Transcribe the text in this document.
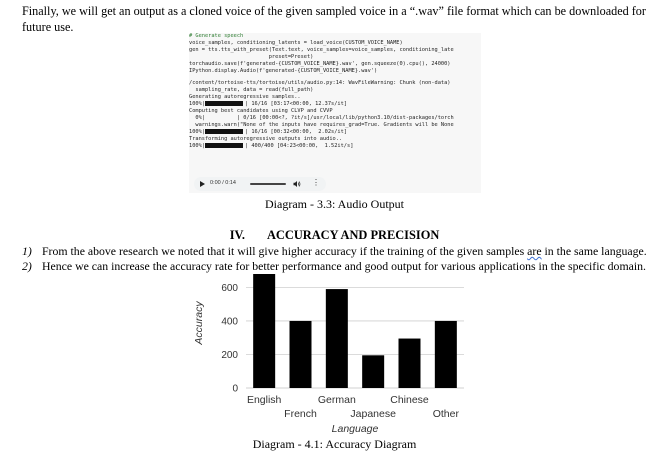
Finally, we will get an output as a cloned voice of the given sampled voice in a “.wav” file format which can be downloaded for future use.
# Generate speech
voice_samples, conditioning_latents = load_voice(CUSTOM_VOICE_NAME)
gen = tts.tts_with_preset(Text.text, voice_samples=voice_samples, conditioning_late
preset=Preset)
torchaudio.save(f'generated-{CUSTOM_VOICE_NAME}.wav', gen.squeeze(0).cpu(), 24000)
IPython.display.Audio(f'generated-{CUSTOM_VOICE_NAME}.wav')
/content/tortoise-tts/tortoise/utils/audio.py:14: WavFileWarning: Chunk (non-data)
sampling_rate, data = read(full_path)
Generating autoregressive samples..
100%|	| 16/16 [03:17<00:00, 12.37s/it]
Computing best candidates using CLVP and CVVP
0%|          | 0/16 [00:00<?, ?it/s]/usr/local/lib/python3.10/dist-packages/torch
warnings.warn("None of the inputs have requires_grad=True. Gradients will be None
100%|	| 16/16 [00:32<00:00,  2.02s/it]
Transforming autoregressive outputs into audio..
100%|	| 400/400 [04:23<00:00,  1.52it/s]
0:00 / 0:14	⋮
Diagram - 3.3: Audio Output
IV. ACCURACY AND PRECISION
1) From the above research we noted that it will give higher accuracy if the training of the given samples are in the same language.
2) Hence we can increase the accuracy rate for better performance and good output for various applications in the specific domain.
0
200
400
600
English
French
German
Japanese
Chinese
Other
Language
Accuracy
Diagram - 4.1: Accuracy Diagram
